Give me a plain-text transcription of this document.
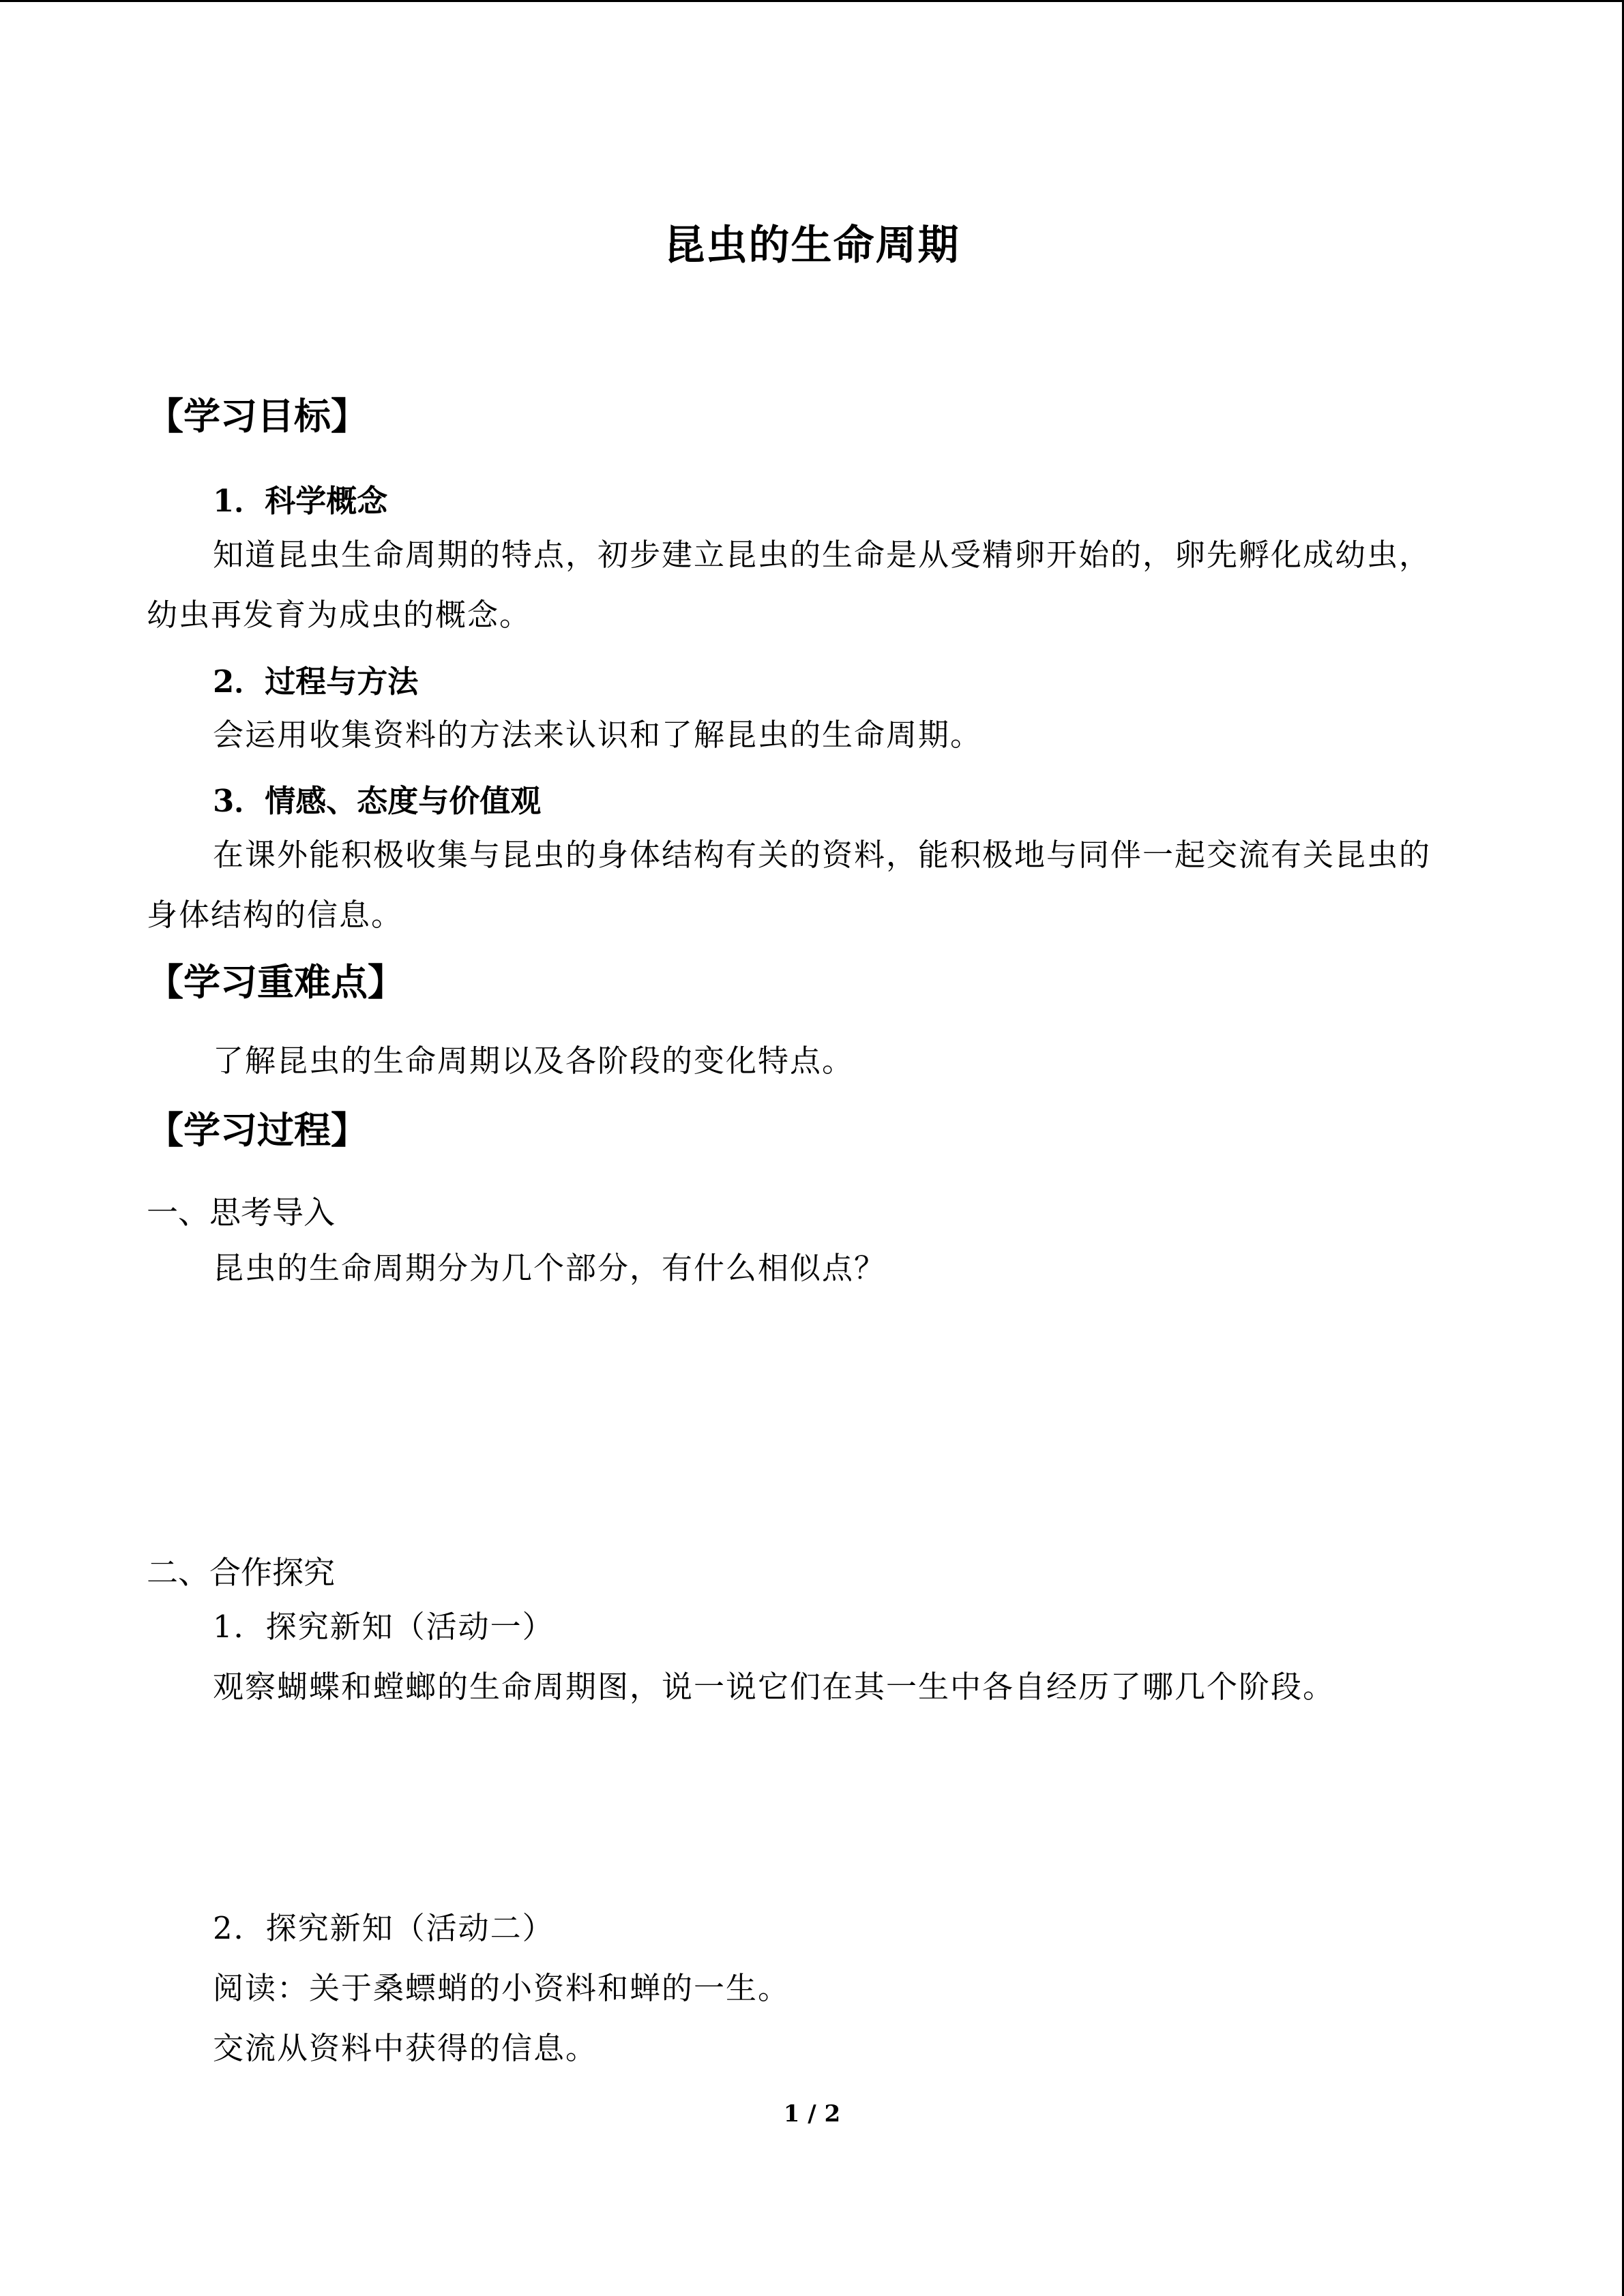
昆虫的生命周期
【学习目标】
1．科学概念
知道昆虫生命周期的特点，初步建立昆虫的生命是从受精卵开始的，卵先孵化成幼虫，
幼虫再发育为成虫的概念。
2．过程与方法
会运用收集资料的方法来认识和了解昆虫的生命周期。
3．情感、态度与价值观
在课外能积极收集与昆虫的身体结构有关的资料，能积极地与同伴一起交流有关昆虫的
身体结构的信息。
【学习重难点】
了解昆虫的生命周期以及各阶段的变化特点。
【学习过程】
一、思考导入
昆虫的生命周期分为几个部分，有什么相似点？
二、合作探究
1．探究新知（活动一）
观察蝴蝶和螳螂的生命周期图，说一说它们在其一生中各自经历了哪几个阶段。
2．探究新知（活动二）
阅读：关于桑螵蛸的小资料和蝉的一生。
交流从资料中获得的信息。
1 / 2
